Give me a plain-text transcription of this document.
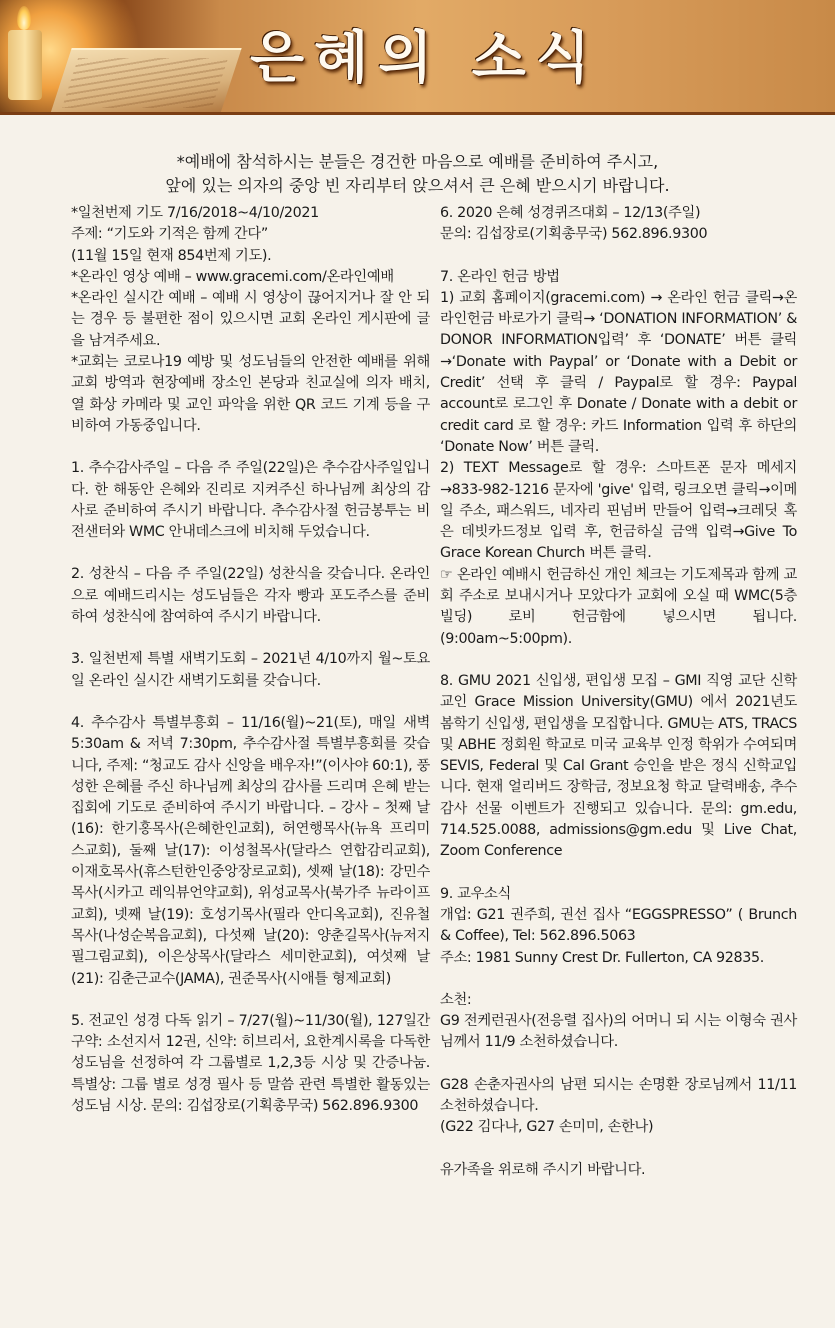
은혜의 소식

*예배에 참석하시는 분들은 경건한 마음으로 예배를 준비하여 주시고,

앞에 있는 의자의 중앙 빈 자리부터 앉으셔서 큰 은혜 받으시기 바랍니다.

*일천번제 기도 7/16/2018~4/10/2021

주제: “기도와 기적은 함께 간다”

(11월 15일 현재 854번제 기도).

*온라인 영상 예배 – www.gracemi.com/온라인예배

*온라인 실시간 예배 – 예배 시 영상이 끊어지거나 잘 안 되는 경우 등 불편한 점이 있으시면 교회 온라인 게시판에 글을 남겨주세요.

*교회는 코로나19 예방 및 성도님들의 안전한 예배를 위해 교회 방역과 현장예배 장소인 본당과 친교실에 의자 배치, 열 화상 카메라 및 교인 파악을 위한 QR 코드 기계 등을 구비하여 가동중입니다.

1. 추수감사주일 – 다음 주 주일(22일)은 추수감사주일입니다. 한 해동안 은혜와 진리로 지켜주신 하나님께 최상의 감사로 준비하여 주시기 바랍니다. 추수감사절 헌금봉투는 비전샌터와 WMC 안내데스크에 비치해 두었습니다.

2. 성찬식 – 다음 주 주일(22일) 성찬식을 갖습니다. 온라인으로 예배드리시는 성도님들은 각자 빵과 포도주스를 준비하여 성찬식에 참여하여 주시기 바랍니다.

3. 일천번제 특별 새벽기도회 – 2021년 4/10까지 월~토요일 온라인 실시간 새벽기도회를 갖습니다.

4. 추수감사 특별부흥회 – 11/16(월)~21(토), 매일 새벽 5:30am & 저녁 7:30pm, 추수감사절 특별부흥회를 갖습니다, 주제: “청교도 감사 신앙을 배우자!”(이사야 60:1), 풍성한 은혜를 주신 하나님께 최상의 감사를 드리며 은혜 받는 집회에 기도로 준비하여 주시기 바랍니다. – 강사 – 첫째 날(16): 한기홍목사(은혜한인교회), 허연행목사(뉴욕 프리미스교회), 둘째 날(17): 이성철목사(달라스 연합감리교회), 이재호목사(휴스턴한인중앙장로교회), 셋째 날(18): 강민수목사(시카고 레익뷰언약교회), 위성교목사(북가주 뉴라이프교회), 넷째 날(19): 호성기목사(필라 안디옥교회), 진유철목사(나성순복음교회), 다섯째 날(20): 양춘길목사(뉴저지 필그림교회), 이은상목사(달라스 세미한교회), 여섯째 날(21): 김춘근교수(JAMA), 권준목사(시애틀 형제교회)

5. 전교인 성경 다독 읽기 – 7/27(월)~11/30(월), 127일간 구약: 소선지서 12권, 신약: 히브리서, 요한계시록을 다독한 성도님을 선정하여 각 그룹별로 1,2,3등 시상 및 간증나눔. 특별상: 그룹 별로 성경 필사 등 말씀 관련 특별한 활동있는 성도님 시상. 문의: 김섭장로(기획총무국) 562.896.9300

6. 2020 은혜 성경퀴즈대회 – 12/13(주일)

문의: 김섭장로(기획총무국) 562.896.9300

7. 온라인 헌금 방법

1) 교회 홈페이지(gracemi.com) → 온라인 헌금 클릭→온라인헌금 바로가기 클릭→ ‘DONATION INFORMATION’ & DONOR INFORMATION입력’ 후 ‘DONATE’ 버튼 클릭→‘Donate with Paypal’ or ‘Donate with a Debit or Credit’ 선택 후 클릭 / Paypal로 할 경우: Paypal account로 로그인 후 Donate / Donate with a debit or credit card 로 할 경우: 카드 Information 입력 후 하단의 ‘Donate Now’ 버튼 클릭.

2) TEXT Message로 할 경우: 스마트폰 문자 메세지→833-982-1216 문자에 'give' 입력, 링크오면 클릭→이메일 주소, 패스워드, 네자리 핀넘버 만들어 입력→크레딧 혹은 데빗카드정보 입력 후, 헌금하실 금액 입력→Give To Grace Korean Church 버튼 클릭.

☞ 온라인 예배시 헌금하신 개인 체크는 기도제목과 함께 교회 주소로 보내시거나 모았다가 교회에 오실 때 WMC(5층빌딩) 로비 헌금함에 넣으시면 됩니다. (9:00am~5:00pm).

8. GMU 2021 신입생, 편입생 모집 – GMI 직영 교단 신학교인 Grace Mission University(GMU) 에서 2021년도 봄학기 신입생, 편입생을 모집합니다. GMU는 ATS, TRACS 및 ABHE 정회원 학교로 미국 교육부 인정 학위가 수여되며 SEVIS, Federal 및 Cal Grant 승인을 받은 정식 신학교입니다. 현재 얼리버드 장학금, 정보요청 학교 달력배송, 추수감사 선물 이벤트가 진행되고 있습니다. 문의: gm.edu, 714.525.0088, admissions@gm.edu 및 Live Chat, Zoom Conference

9. 교우소식

개업: G21 권주희, 권선 집사 “EGGSPRESSO” ( Brunch & Coffee), Tel: 562.896.5063

주소: 1981 Sunny Crest Dr. Fullerton, CA 92835.

소천:

G9 전케런권사(전응렬 집사)의 어머니 되 시는 이형숙 권사님께서 11/9 소천하셨습니다.

G28 손춘자권사의 남편 되시는 손명환 장로님께서 11/11 소천하셨습니다.

(G22 김다나, G27 손미미, 손한나)

유가족을 위로해 주시기 바랍니다.
